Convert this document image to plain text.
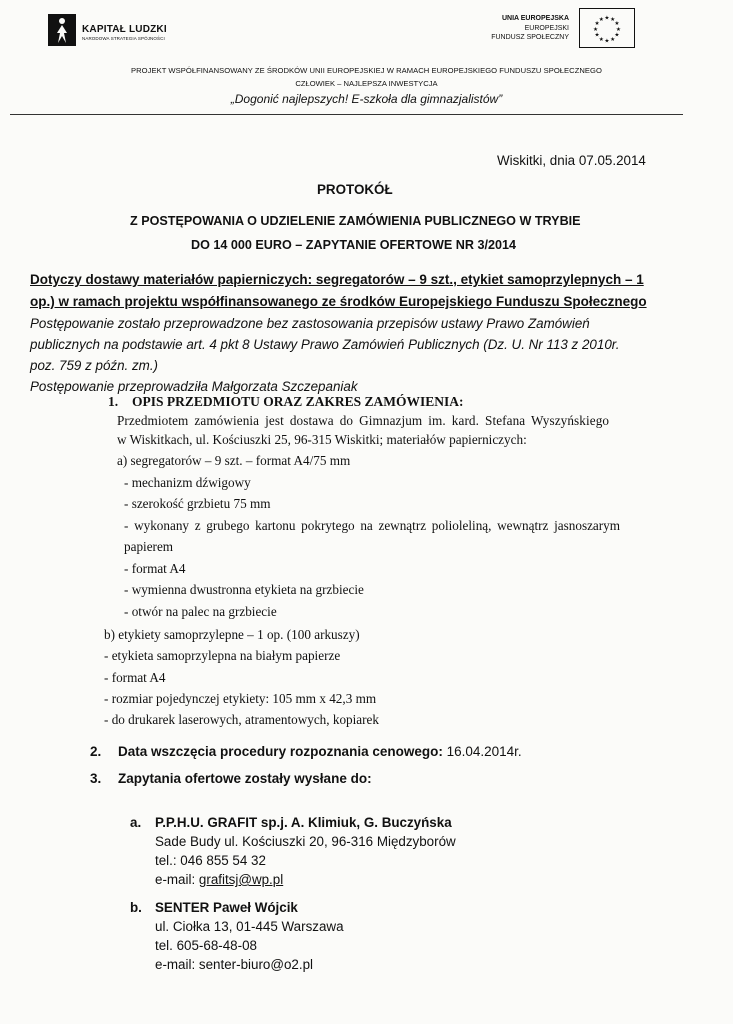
KAPITAŁ LUDZKI
NARODOWA STRATEGIA SPÓJNOŚCI
UNIA EUROPEJSKA
EUROPEJSKI
FUNDUSZ SPOŁECZNY
★ ★
★
★
★
★
★
★
★
★
★
★
PROJEKT WSPÓŁFINANSOWANY ZE ŚRODKÓW UNII EUROPEJSKIEJ W RAMACH EUROPEJSKIEGO FUNDUSZU SPOŁECZNEGO
CZŁOWIEK – NAJLEPSZA INWESTYCJA
„Dogonić najlepszych! E-szkoła dla gimnazjalistów”
Wiskitki, dnia 07.05.2014
PROTOKÓŁ
Z POSTĘPOWANIA O UDZIELENIE ZAMÓWIENIA PUBLICZNEGO W TRYBIE
DO 14 000 EURO – ZAPYTANIE OFERTOWE NR 3/2014
Dotyczy dostawy materiałów papierniczych: segregatorów – 9 szt., etykiet samoprzylepnych – 1
op.) w ramach projektu współfinansowanego ze środków Europejskiego Funduszu Społecznego
Postępowanie zostało przeprowadzone bez zastosowania przepisów ustawy Prawo Zamówień
publicznych na podstawie art. 4 pkt 8 Ustawy Prawo Zamówień Publicznych (Dz. U. Nr 113 z 2010r.
poz. 759 z późn. zm.)
Postępowanie przeprowadziła Małgorzata Szczepaniak
1. OPIS PRZEDMIOTU ORAZ ZAKRES ZAMÓWIENIA:
Przedmiotem zamówienia jest dostawa do Gimnazjum im. kard. Stefana Wyszyńskiego
w Wiskitkach, ul. Kościuszki 25, 96-315 Wiskitki; materiałów papierniczych:
a) segregatorów – 9 szt. – format A4/75 mm
- mechanizm dźwigowy
- szerokość grzbietu 75 mm
- wykonany z grubego kartonu pokrytego na zewnątrz polioleliną, wewnątrz jasnoszarym
papierem
- format A4
- wymienna dwustronna etykieta na grzbiecie
- otwór na palec na grzbiecie
b) etykiety samoprzylepne – 1 op. (100 arkuszy)
- etykieta samoprzylepna na białym papierze
- format A4
- rozmiar pojedynczej etykiety: 105 mm x 42,3 mm
- do drukarek laserowych, atramentowych, kopiarek
2. Data wszczęcia procedury rozpoznania cenowego: 16.04.2014r.
3. Zapytania ofertowe zostały wysłane do:
a. P.P.H.U. GRAFIT sp.j. A. Klimiuk, G. Buczyńska
Sade Budy ul. Kościuszki 20, 96-316 Międzyborów
tel.: 046 855 54 32
e-mail: grafitsj@wp.pl
b. SENTER Paweł Wójcik
ul. Ciołka 13, 01-445 Warszawa
tel. 605-68-48-08
e-mail: senter-biuro@o2.pl
